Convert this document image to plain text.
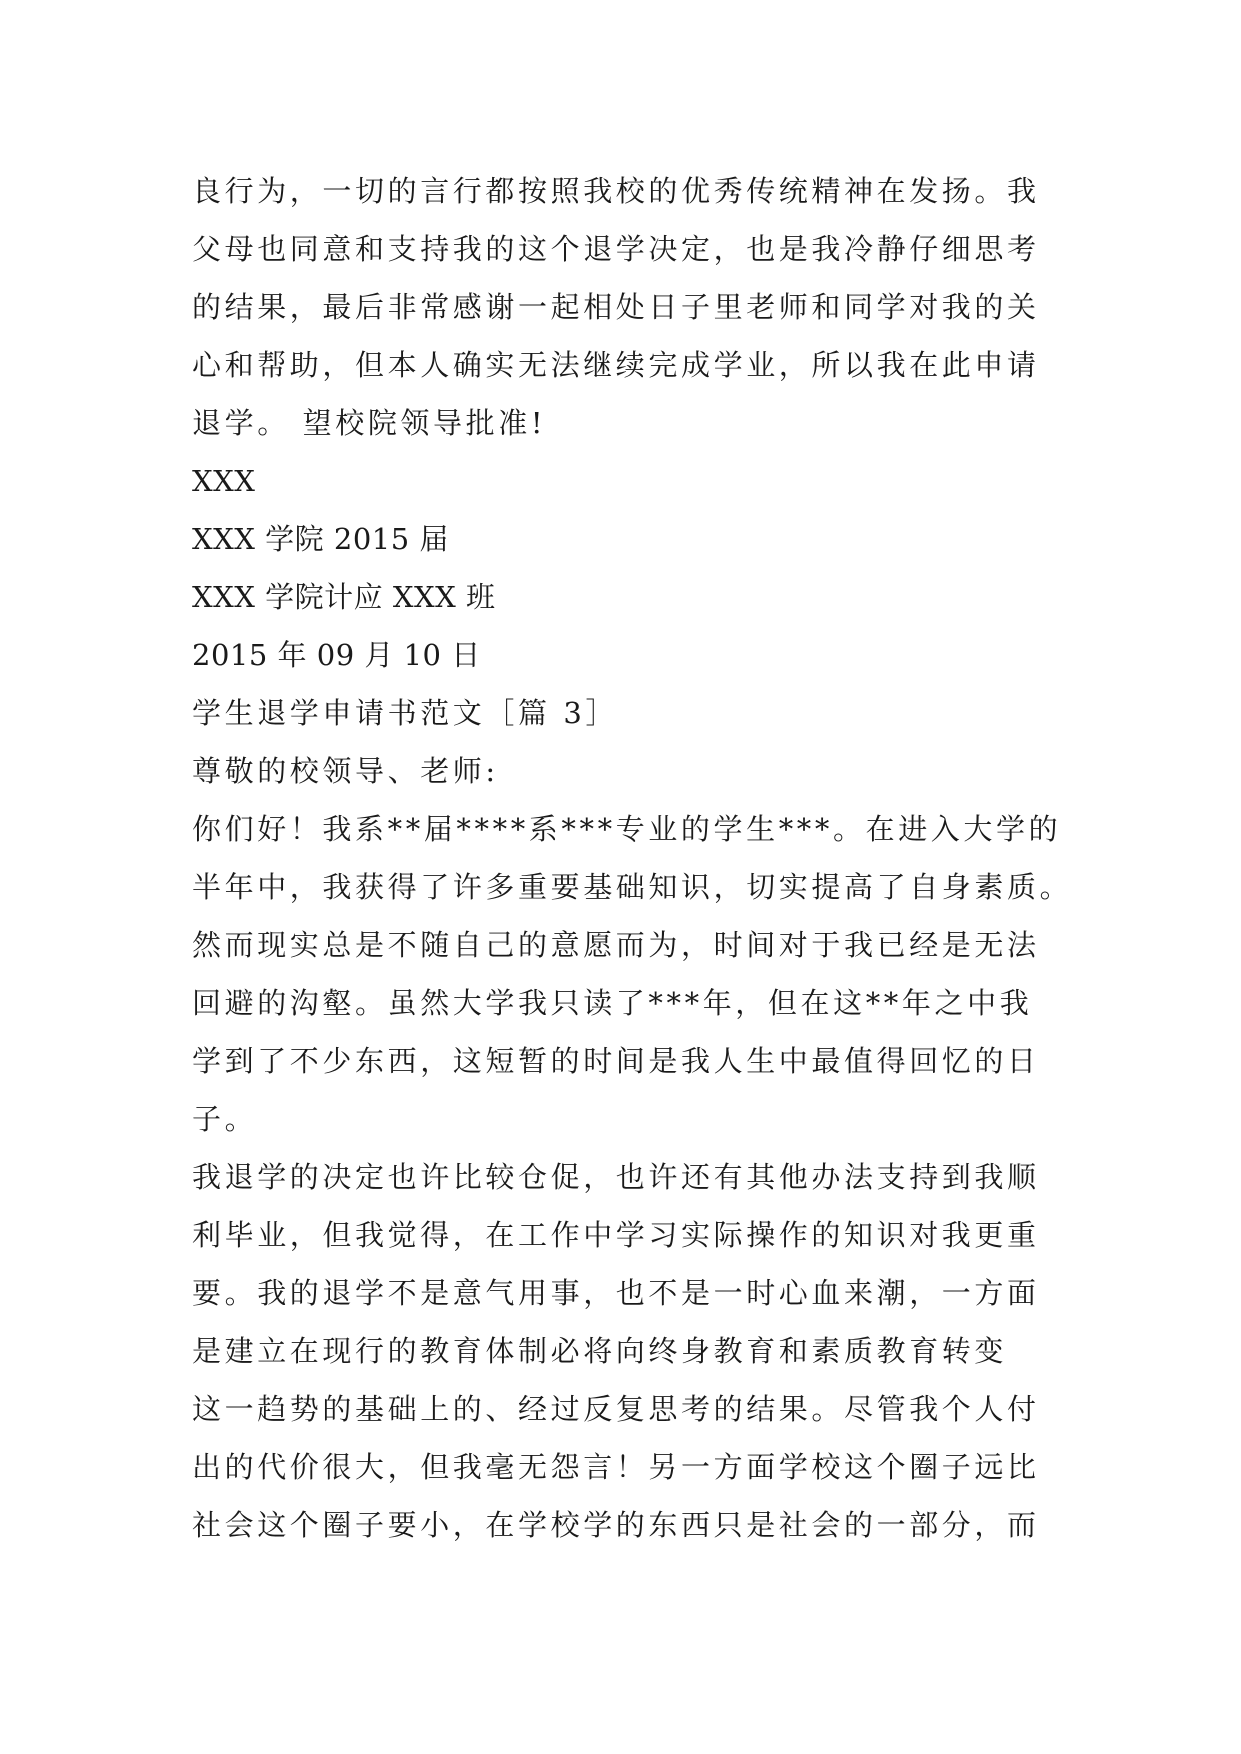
良行为，一切的言行都按照我校的优秀传统精神在发扬。我
父母也同意和支持我的这个退学决定，也是我冷静仔细思考
的结果，最后非常感谢一起相处日子里老师和同学对我的关
心和帮助，但本人确实无法继续完成学业，所以我在此申请
退学。 望校院领导批准!
XXX
XXX 学院 2015 届
XXX 学院计应 XXX 班
2015 年 09 月 10 日
学生退学申请书范文［篇 3］
尊敬的校领导、老师:
你们好！我系**届****系***专业的学生***。在进入大学的
半年中，我获得了许多重要基础知识，切实提高了自身素质。
然而现实总是不随自己的意愿而为，时间对于我已经是无法
回避的沟壑。虽然大学我只读了***年，但在这**年之中我
学到了不少东西，这短暂的时间是我人生中最值得回忆的日
子。
我退学的决定也许比较仓促，也许还有其他办法支持到我顺
利毕业，但我觉得，在工作中学习实际操作的知识对我更重
要。我的退学不是意气用事，也不是一时心血来潮，一方面
是建立在现行的教育体制必将向终身教育和素质教育转变
这一趋势的基础上的、经过反复思考的结果。尽管我个人付
出的代价很大，但我毫无怨言！另一方面学校这个圈子远比
社会这个圈子要小，在学校学的东西只是社会的一部分，而
